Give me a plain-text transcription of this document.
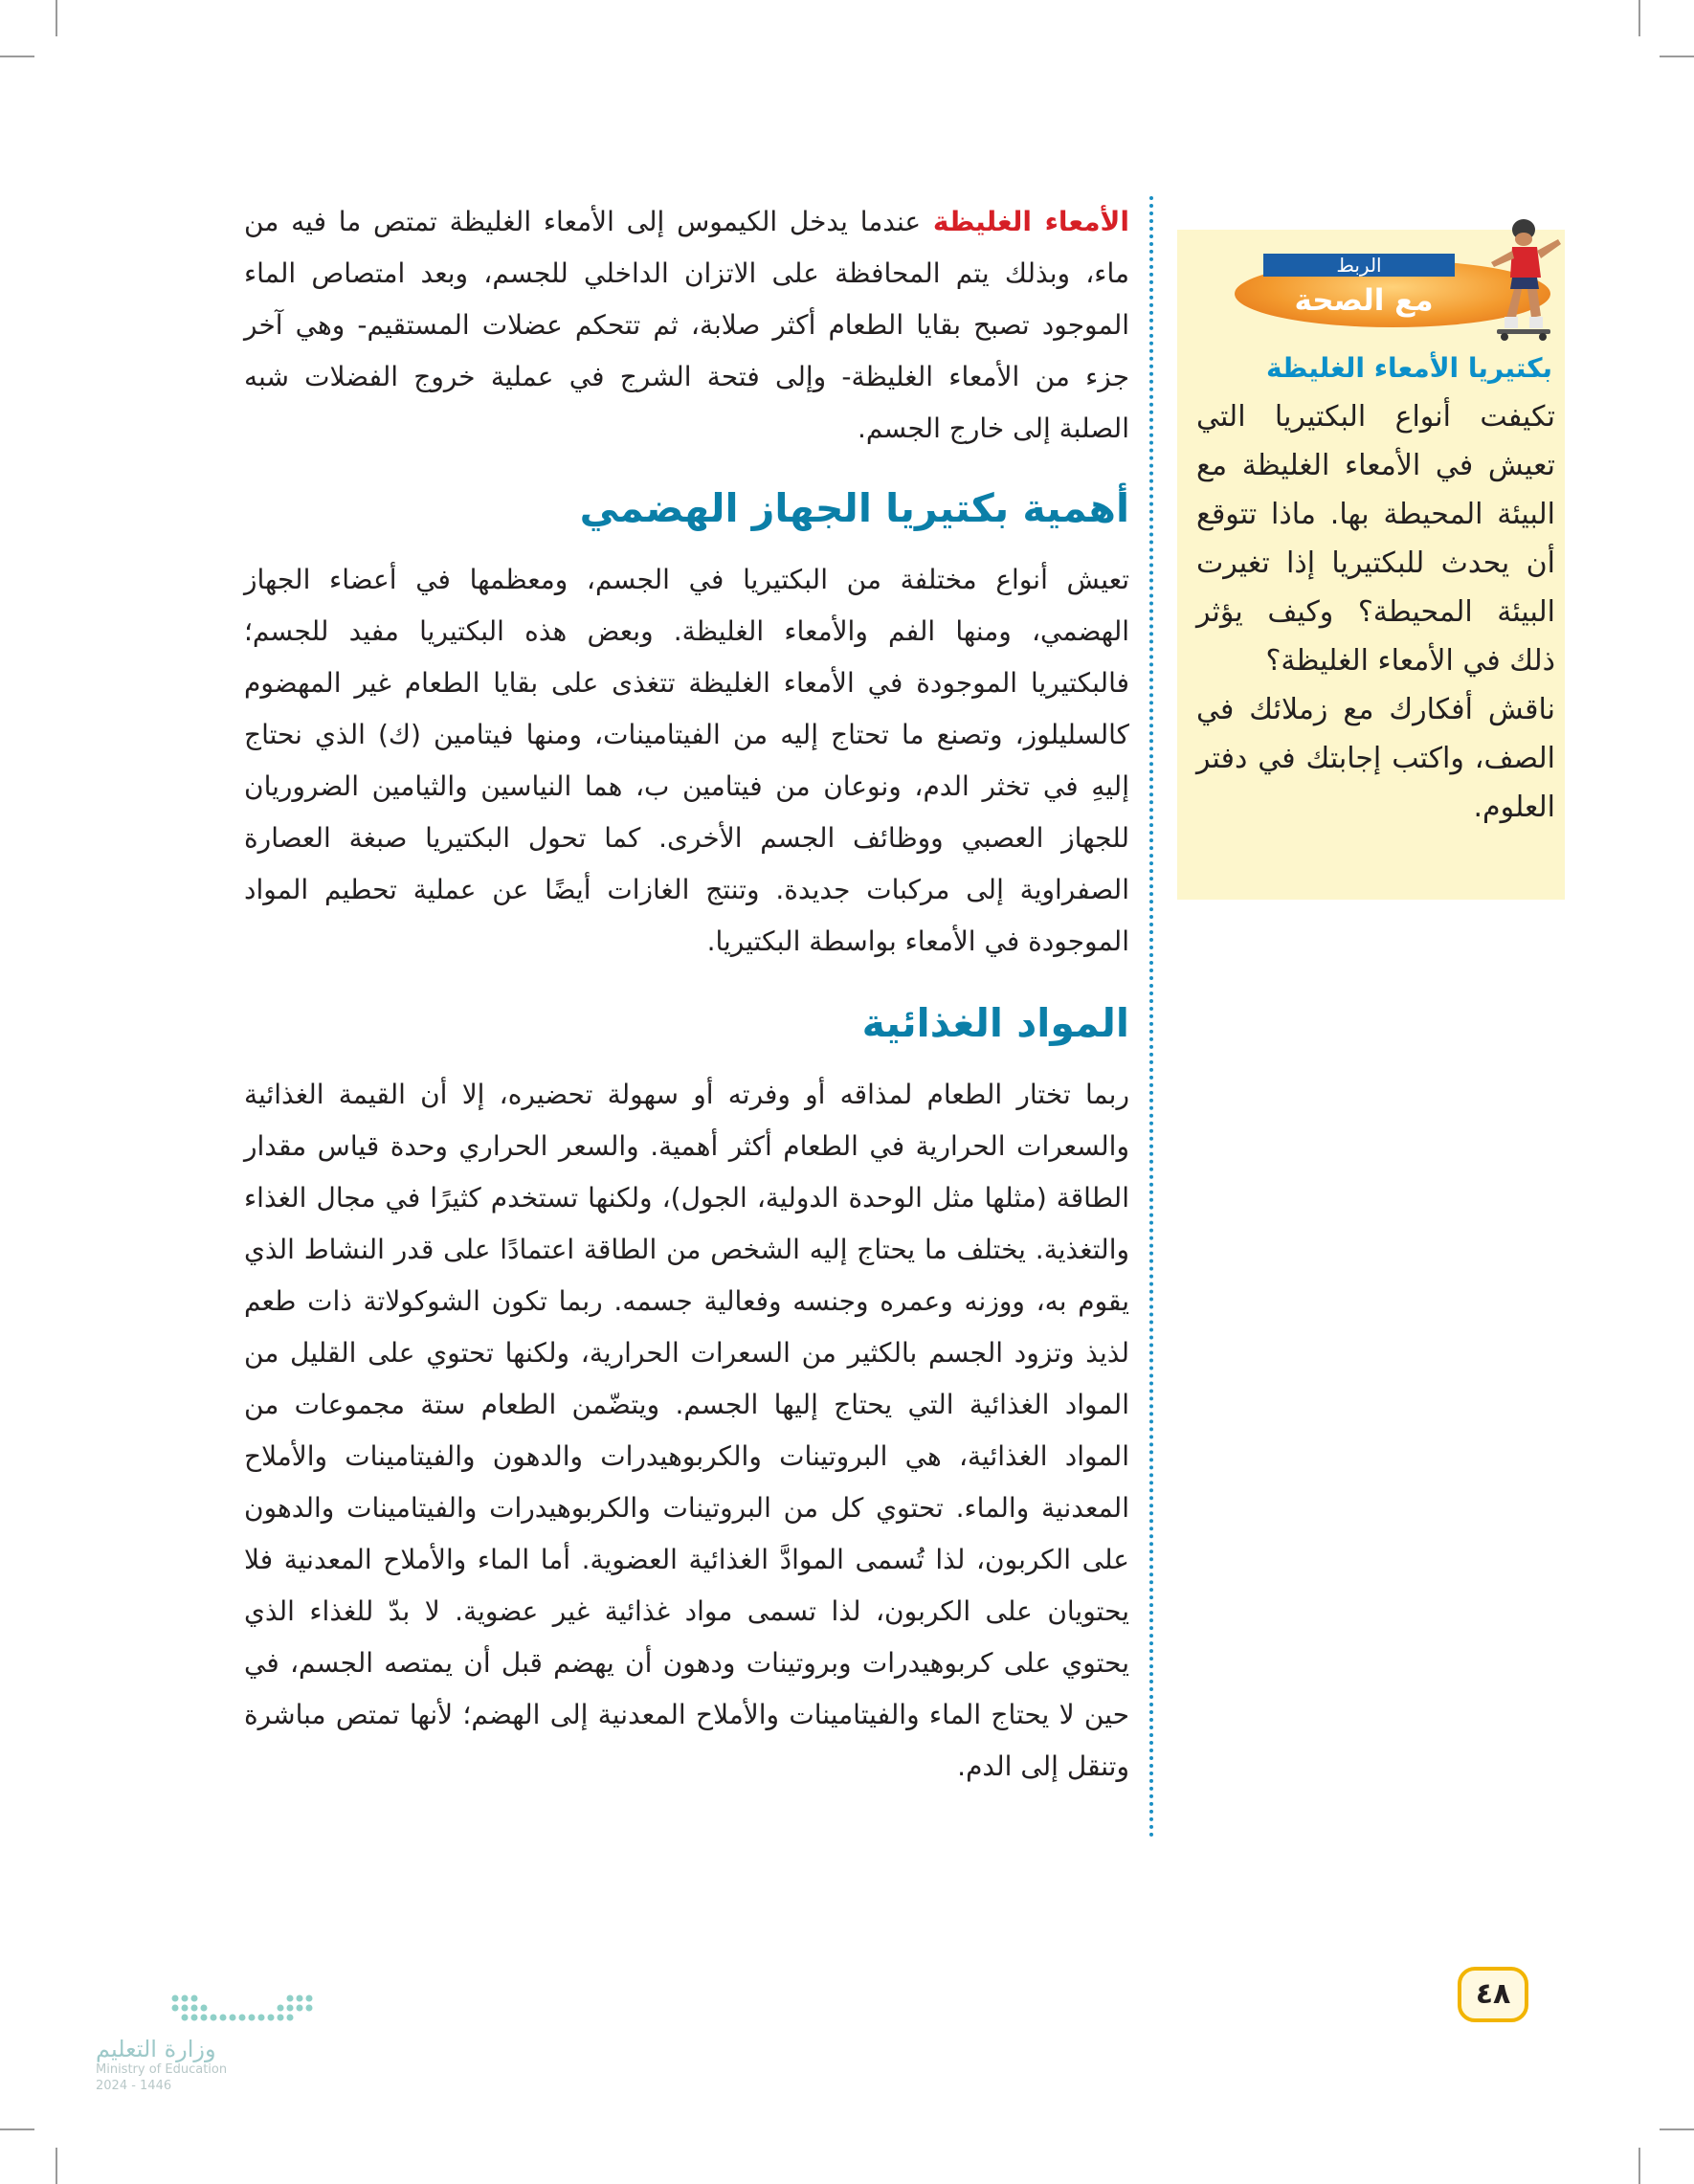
الأمعاء الغليظة عندما يدخل الكيموس إلى الأمعاء الغليظة تمتص ما فيه من ماء، وبذلك يتم المحافظة على الاتزان الداخلي للجسم، وبعد امتصاص الماء الموجود تصبح بقايا الطعام أكثر صلابة، ثم تتحكم عضلات المستقيم- وهي آخر جزء من الأمعاء الغليظة- وإلى فتحة الشرج في عملية خروج الفضلات شبه الصلبة إلى خارج الجسم.

أهمية بكتيريا الجهاز الهضمي

تعيش أنواع مختلفة من البكتيريا في الجسم، ومعظمها في أعضاء الجهاز الهضمي، ومنها الفم والأمعاء الغليظة. وبعض هذه البكتيريا مفيد للجسم؛ فالبكتيريا الموجودة في الأمعاء الغليظة تتغذى على بقايا الطعام غير المهضوم كالسليلوز، وتصنع ما تحتاج إليه من الفيتامينات، ومنها فيتامين (ك) الذي نحتاج إليهِ في تخثر الدم، ونوعان من فيتامين ب، هما النياسين والثيامين الضروريان للجهاز العصبي ووظائف الجسم الأخرى. كما تحول البكتيريا صبغة العصارة الصفراوية إلى مركبات جديدة. وتنتج الغازات أيضًا عن عملية تحطيم المواد الموجودة في الأمعاء بواسطة البكتيريا.

المواد الغذائية

ربما تختار الطعام لمذاقه أو وفرته أو سهولة تحضيره، إلا أن القيمة الغذائية والسعرات الحرارية في الطعام أكثر أهمية. والسعر الحراري وحدة قياس مقدار الطاقة (مثلها مثل الوحدة الدولية، الجول)، ولكنها تستخدم كثيرًا في مجال الغذاء والتغذية. يختلف ما يحتاج إليه الشخص من الطاقة اعتمادًا على قدر النشاط الذي يقوم به، ووزنه وعمره وجنسه وفعالية جسمه. ربما تكون الشوكولاتة ذات طعم لذيذ وتزود الجسم بالكثير من السعرات الحرارية، ولكنها تحتوي على القليل من المواد الغذائية التي يحتاج إليها الجسم. ويتضّمن الطعام ستة مجموعات من المواد الغذائية، هي البروتينات والكربوهيدرات والدهون والفيتامينات والأملاح المعدنية والماء. تحتوي كل من البروتينات والكربوهيدرات والفيتامينات والدهون على الكربون، لذا تُسمى الموادَّ الغذائية العضوية. أما الماء والأملاح المعدنية فلا يحتويان على الكربون، لذا تسمى مواد غذائية غير عضوية. لا بدّ للغذاء الذي يحتوي على كربوهيدرات وبروتينات ودهون أن يهضم قبل أن يمتصه الجسم، في حين لا يحتاج الماء والفيتامينات والأملاح المعدنية إلى الهضم؛ لأنها تمتص مباشرة وتنقل إلى الدم.

الربط
مع الصحة
بكتيريا الأمعاء الغليظة

تكيفت أنواع البكتيريا التي تعيش في الأمعاء الغليظة مع البيئة المحيطة بها. ماذا تتوقع أن يحدث للبكتيريا إذا تغيرت البيئة المحيطة؟ وكيف يؤثر ذلك في الأمعاء الغليظة؟

ناقش أفكارك مع زملائك في الصف، واكتب إجابتك في دفتر العلوم.

٤٨
وزارة التعليم
Ministry of Education
2024 - 1446
